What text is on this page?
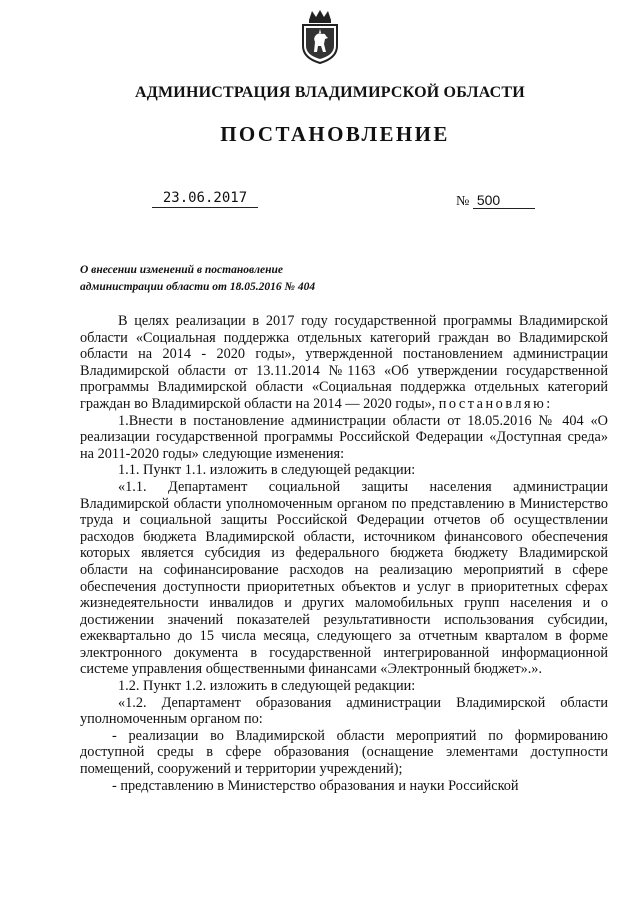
АДМИНИСТРАЦИЯ ВЛАДИМИРСКОЙ ОБЛАСТИ
ПОСТАНОВЛЕНИЕ
23.06.2017	№ 500
О внесении изменений в постановление
администрации области от 18.05.2016 № 404

В целях реализации в 2017 году государственной программы Владимирской области «Социальная поддержка отдельных категорий граждан во Владимирской области на 2014 - 2020 годы», утвержденной постановлением администрации Владимирской области от 13.11.2014 №1163 «Об утверждении государственной программы Владимирской области «Социальная поддержка отдельных категорий граждан во Владимирской области на 2014 — 2020 годы», постановляю:

1.Внести в постановление администрации области от 18.05.2016 № 404 «О реализации государственной программы Российской Федерации «Доступная среда» на 2011-2020 годы» следующие изменения:

1.1. Пункт 1.1. изложить в следующей редакции:

«1.1. Департамент социальной защиты населения администрации Владимирской области уполномоченным органом по представлению в Министерство труда и социальной защиты Российской Федерации отчетов об осуществлении расходов бюджета Владимирской области, источником финансового обеспечения которых является субсидия из федерального бюджета бюджету Владимирской области на софинансирование расходов на реализацию мероприятий в сфере обеспечения доступности приоритетных объектов и услуг в приоритетных сферах жизнедеятельности инвалидов и других маломобильных групп населения и о достижении значений показателей результативности использования субсидии, ежеквартально до 15 числа месяца, следующего за отчетным кварталом в форме электронного документа в государственной интегрированной информационной системе управления общественными финансами «Электронный бюджет».».

1.2. Пункт 1.2. изложить в следующей редакции:

«1.2. Департамент образования администрации Владимирской области уполномоченным органом по:

- реализации во Владимирской области мероприятий по формированию доступной среды в сфере образования (оснащение элементами доступности помещений, сооружений и территории учреждений);

- представлению в Министерство образования и науки Российской
